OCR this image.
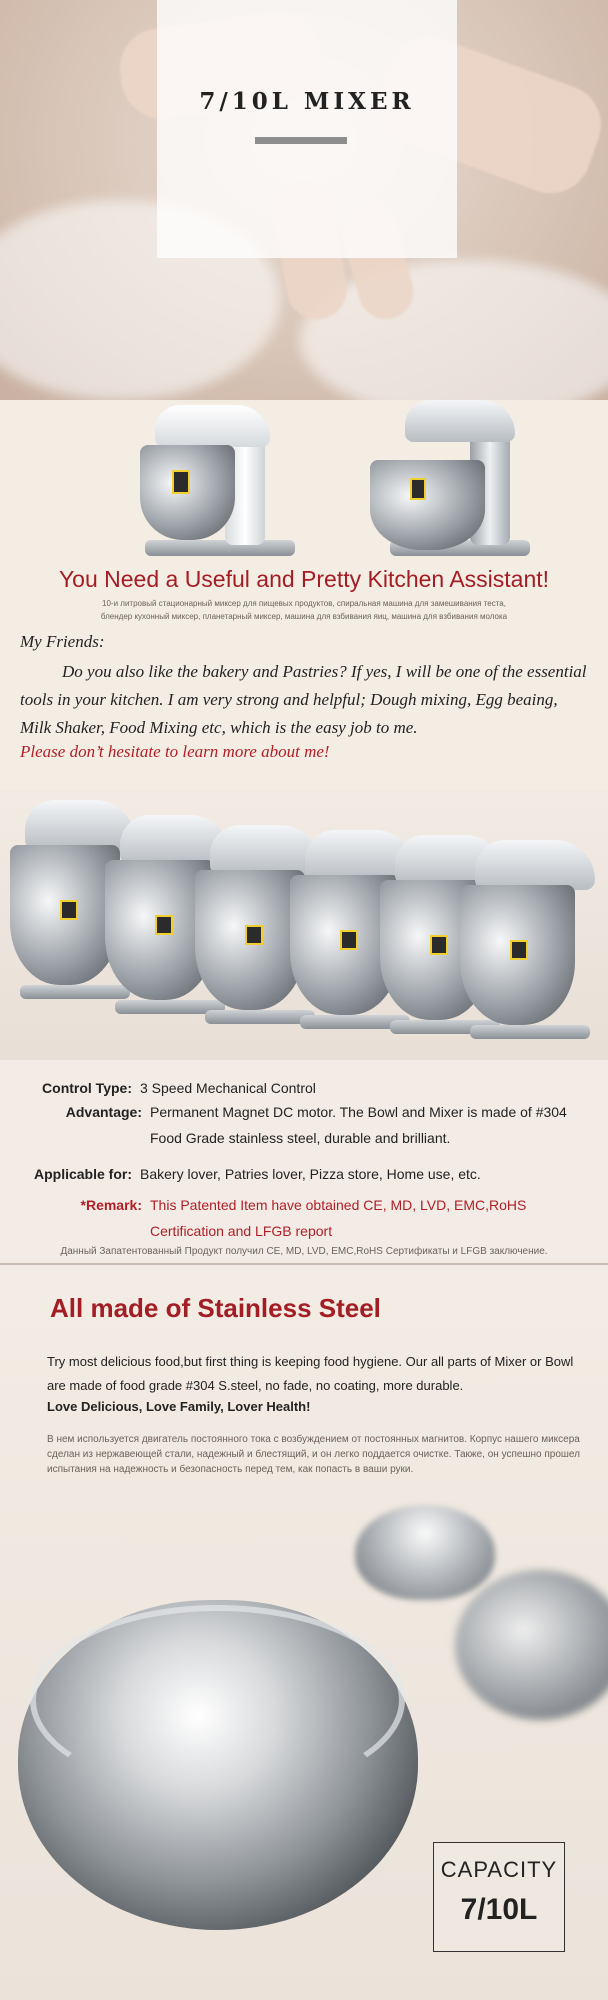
7/10L MIXER
You Need a Useful and Pretty Kitchen Assistant!
10-и литровый стационарный миксер для пищевых продуктов, спиральная машина для замешивания теста,
блендер кухонный миксер, планетарный миксер, машина для взбивания яиц, машина для взбивания молока
My Friends:
Do you also like the bakery and Pastries? If yes, I will be one of the essential tools in your kitchen. I am very strong and helpful; Dough mixing, Egg beaing, Milk Shaker, Food Mixing etc, which is the easy job to me.
Please don’t hesitate to learn more about me!
Control Type: 3 Speed Mechanical Control
Advantage: Permanent Magnet DC motor. The Bowl and Mixer is made of #304 Food Grade stainless steel, durable and brilliant.
Applicable for: Bakery lover, Patries lover, Pizza store, Home use, etc.
*Remark: This Patented Item have obtained CE, MD, LVD, EMC,RoHS Certification and LFGB report
Данный Запатентованный Продукт получил CE, MD, LVD, EMC,RoHS Сертификаты и LFGB заключение.
All made of Stainless Steel
Try most delicious food,but first thing is keeping food hygiene. Our all parts of Mixer or Bowl are made of food grade #304 S.steel, no fade, no coating, more durable.
Love Delicious, Love Family, Lover Health!
В нем используется двигатель постоянного тока с возбуждением от постоянных магнитов. Корпус нашего миксера сделан из нержавеющей стали, надежный и блестящий, и он легко поддается очистке. Также, он успешно прошел испытания на надежность и безопасность перед тем, как попасть в ваши руки.
CAPACITY
7/10L
